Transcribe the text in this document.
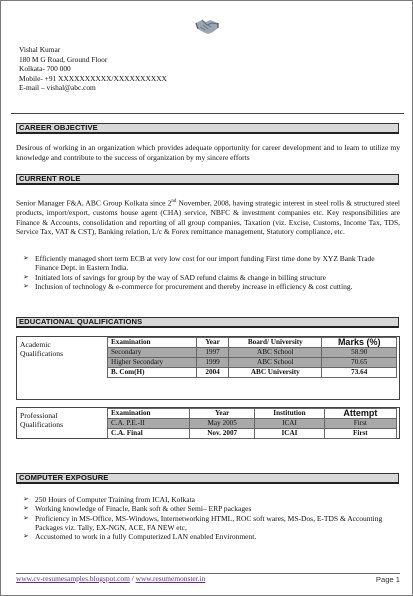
Vishal Kumar
180 M G Road, Ground Floor
Kolkata- 700 000
Mobile- +91 XXXXXXXXXX/XXXXXXXXXX
E-mail – vishal@abc.com
CAREER OBJECTIVE
Desirous of working in an organization which provides adequate opportunity for career development and to learn to utilize my knowledge and contribute to the success of organization by my sincere efforts
CURRENT ROLE
Senior Manager F&A, ABC Group Kolkata since 2nd November, 2008, having strategic interest in steel rolls & structured steel products, import/export, customs house agent (CHA) service, NBFC & investment companies etc. Key responsibilities are Finance & Accounts, consolidation and reporting of all group companies, Taxation (viz. Excise, Customs, Income Tax, TDS, Service Tax, VAT & CST), Banking relation, L/c & Forex remittance management, Statutory compliance, etc.
➢ Efficiently managed short term ECB at very low cost for our import funding First time done by XYZ Bank Trade Finance Dept. in Eastern India.
➢ Initiated lots of savings for group by the way of SAD refund claims & change in billing structure
➢ Inclusion of technology & e-commerce for procurement and thereby increase in efficiency & cost cutting.
EDUCATIONAL QUALIFICATIONS
Academic Qualifications
Examination	Year	Board/ University	Marks (%)
Secondary	1997	ABC School	58.90
Higher Secondary	1999	ABC School	70.65
B. Com(H)	2004	ABC University	73.64
Professional Qualifications
Examination	Year	Institution	Attempt
C.A. P.E.-II	May 2005	ICAI	First
C.A. Final	Nov. 2007	ICAI	First
COMPUTER EXPOSURE
➢ 250 Hours of Computer Training from ICAI, Kolkata
➢ Working knowledge of Finacle, Bank soft & other Semi– ERP packages
➢ Proficiency in MS-Office, MS-Windows, Internetworking HTML, ROC soft wares, MS-Dos, E-TDS & Accounting Packages viz. Tally, EX-NGN, ACE, FA NEW etc,
➢ Accustomed to work in a fully Computerized LAN enabled Environment.
www.cv-resumesamples.blogspot.com / www.resumemonster.in	Page 1
